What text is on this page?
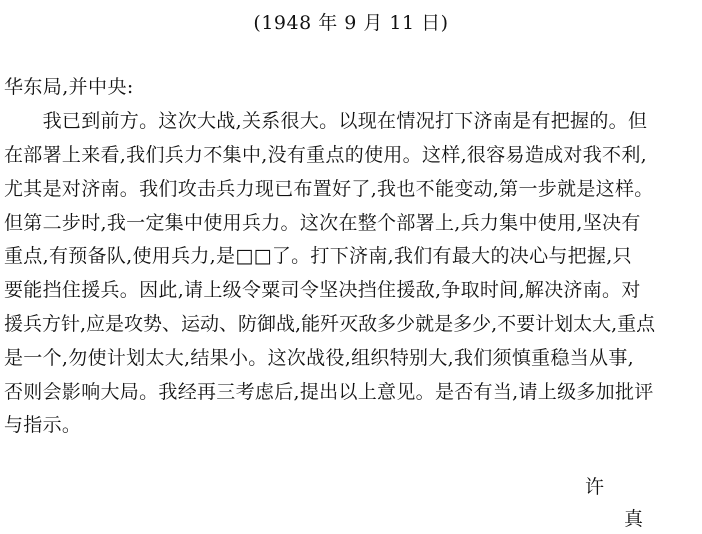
(1948 年 9 月 11 日)
华东局,并中央:
　　我已到前方。这次大战,关系很大。以现在情况打下济南是有把握的。但
在部署上来看,我们兵力不集中,没有重点的使用。这样,很容易造成对我不利,
尤其是对济南。我们攻击兵力现已布置好了,我也不能变动,第一步就是这样。
但第二步时,我一定集中使用兵力。这次在整个部署上,兵力集中使用,坚决有
重点,有预备队,使用兵力,是□□了。打下济南,我们有最大的决心与把握,只
要能挡住援兵。因此,请上级令粟司令坚决挡住援敌,争取时间,解决济南。对
援兵方针,应是攻势、运动、防御战,能歼灭敌多少就是多少,不要计划太大,重点
是一个,勿使计划太大,结果小。这次战役,组织特别大,我们须慎重稳当从事,
否则会影响大局。我经再三考虑后,提出以上意见。是否有当,请上级多加批评
与指示。
许
真
